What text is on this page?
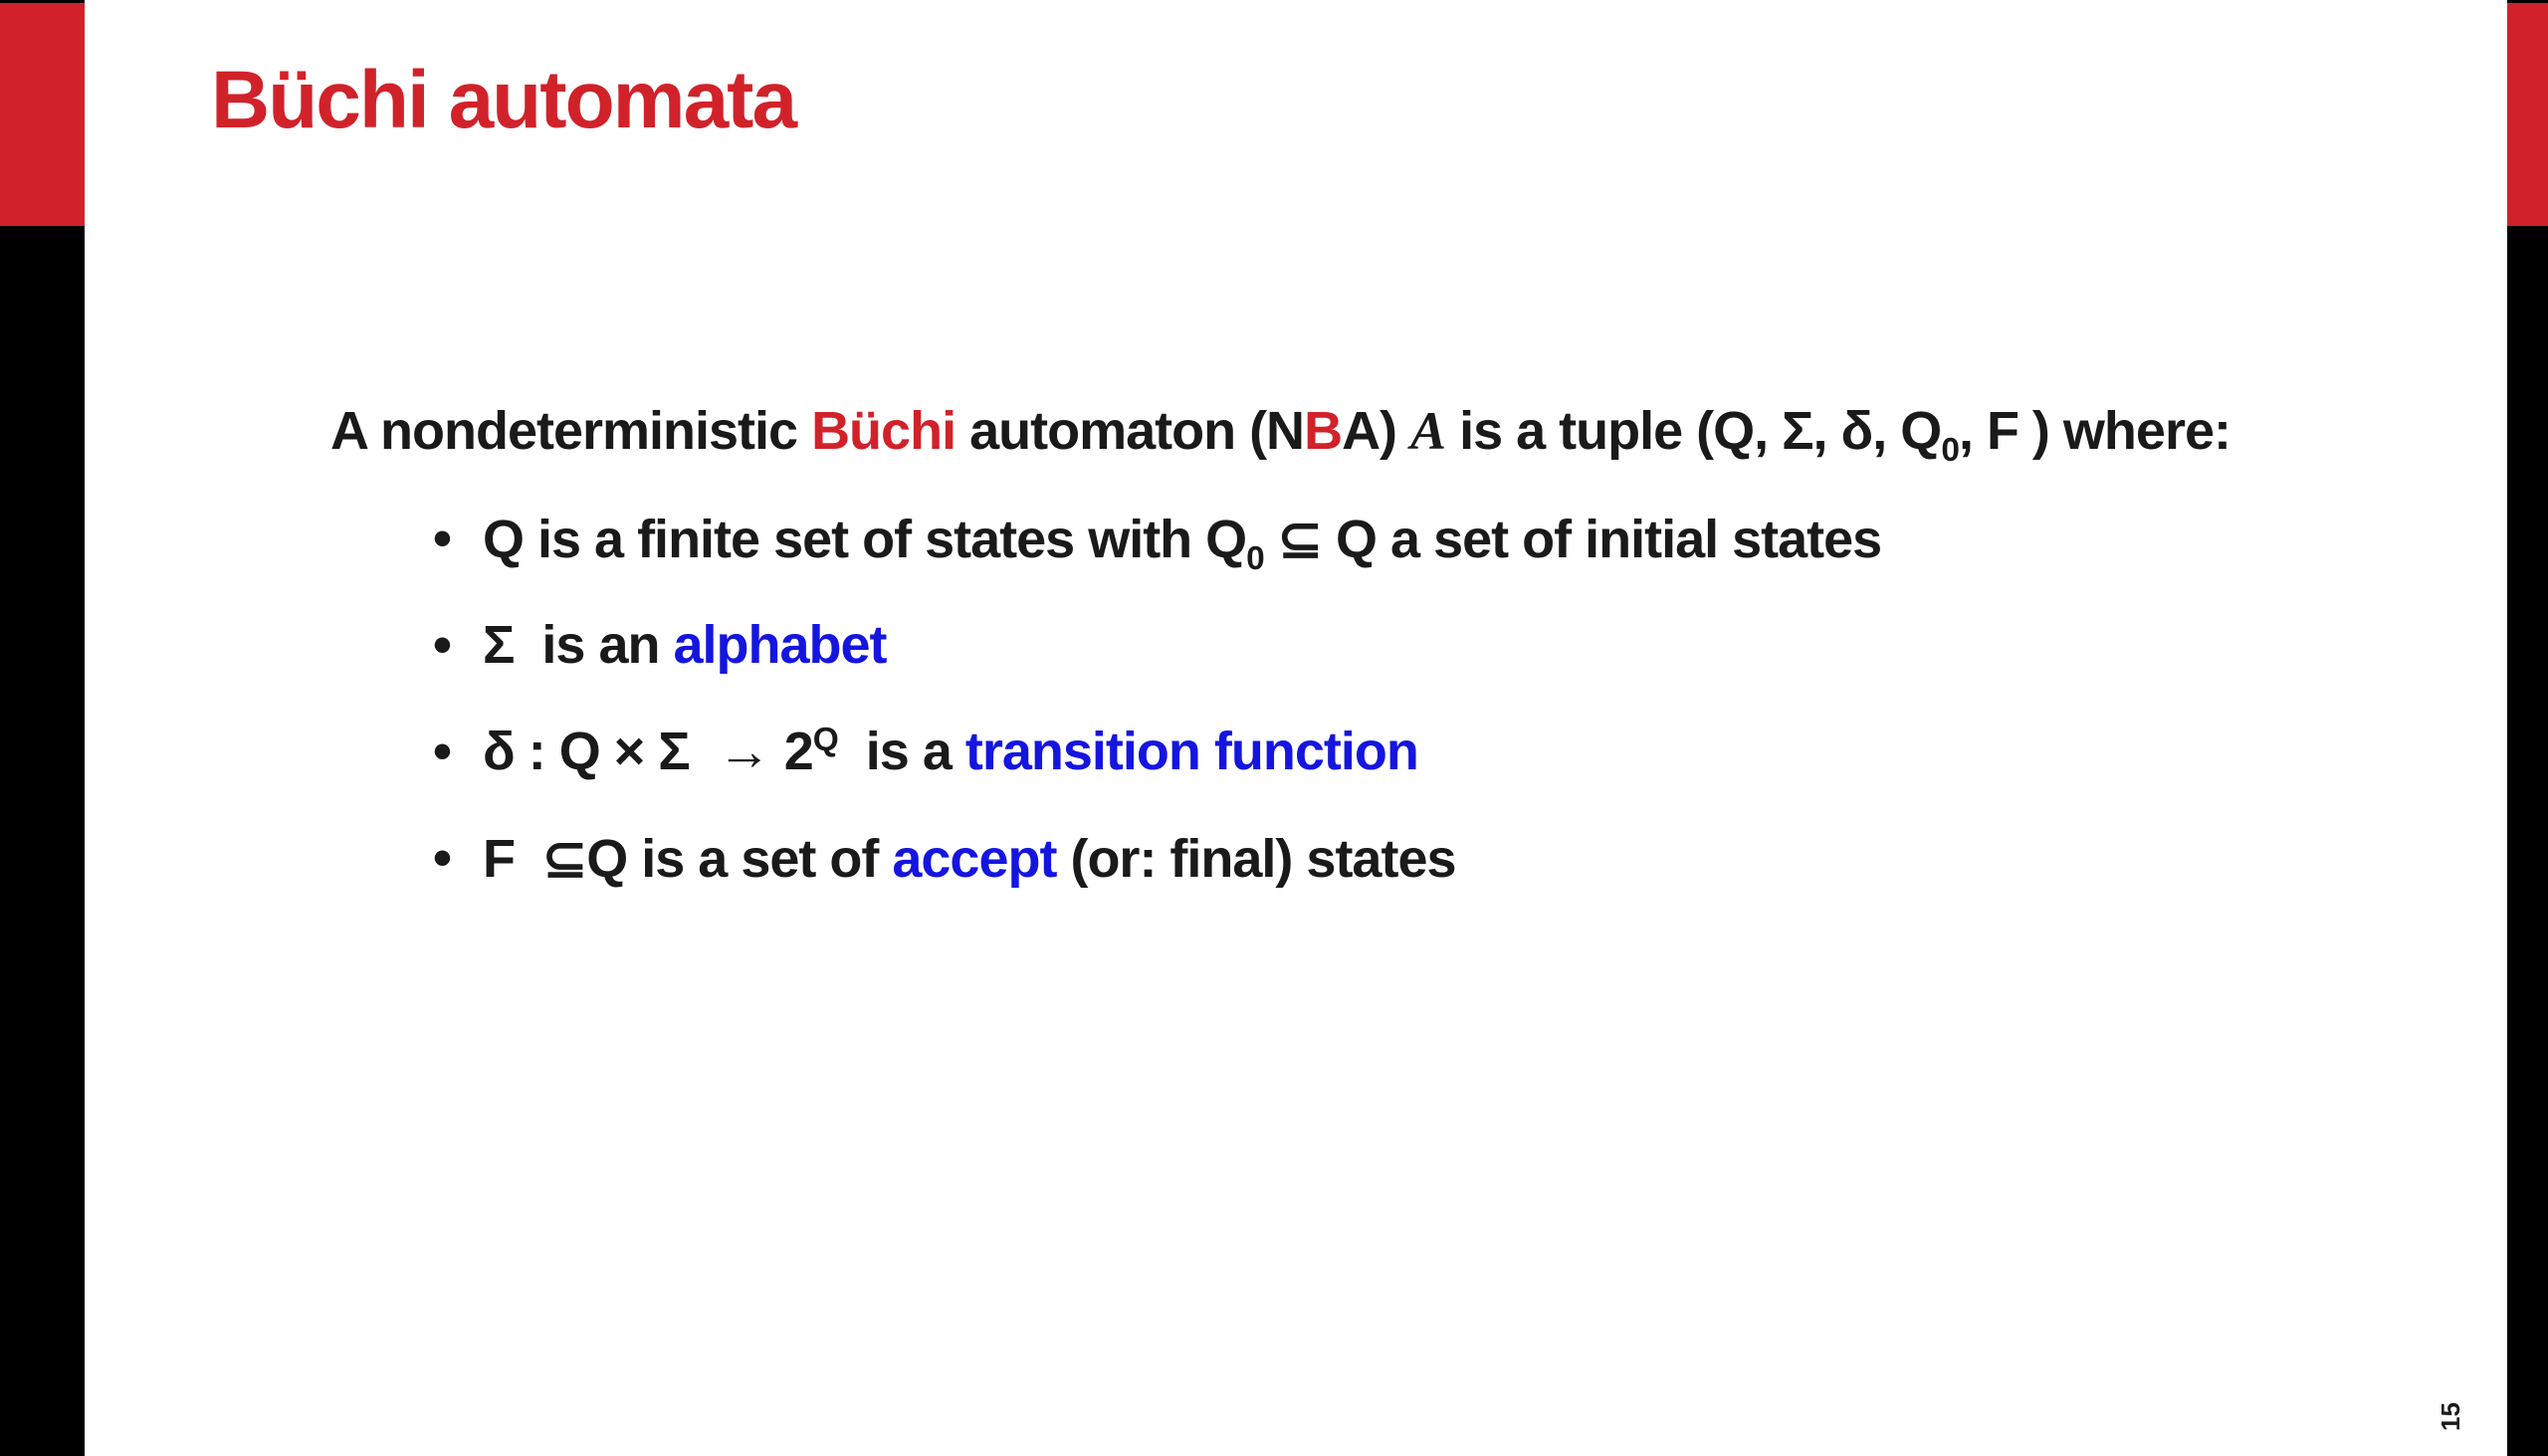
Büchi automata

A nondeterministic Büchi automaton (NBA) A is a tuple (Q, Σ, δ, $Q_0$, F ) where:

• Q is a finite set of states with $Q_0$ ⊆ Q a set of initial states
• Σ  is an alphabet
• δ : $Q \times \Sigma \to 2^Q$  is a transition function
• F  ⊆Q is a set of accept (or: final) states
15
